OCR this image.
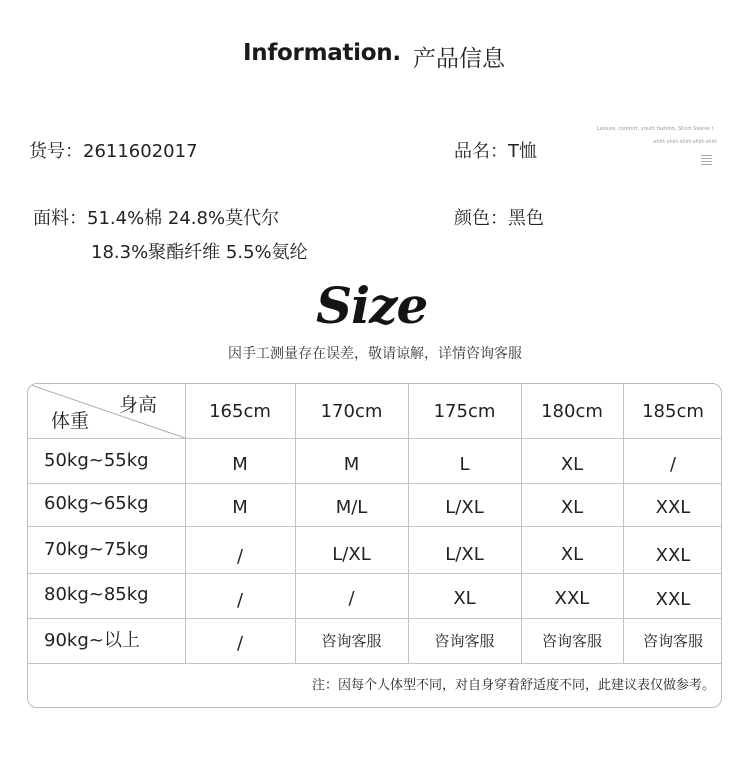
Information. 产品信息
货号：2611602017	品名：T恤
面料：51.4%棉 24.8%莫代尔
18.3%聚酯纤维 5.5%氨纶
颜色：黑色
Leisure, comfort, youth fashion, Short Sleeve t
-shirt-shirt-shirt-shirt-shirt
Size
因手工测量存在误差，敬请谅解，详情咨询客服
身高
体重	165cm	170cm	175cm	180cm	185cm
50kg~55kg	M	M	L	XL	/
60kg~65kg	M	M/L	L/XL	XL	XXL
70kg~75kg	/	L/XL	L/XL	XL	XXL
80kg~85kg	/	/	XL	XXL	XXL
90kg~以上	/	咨询客服	咨询客服	咨询客服	咨询客服
注：因每个人体型不同，对自身穿着舒适度不同，此建议表仅做参考。
